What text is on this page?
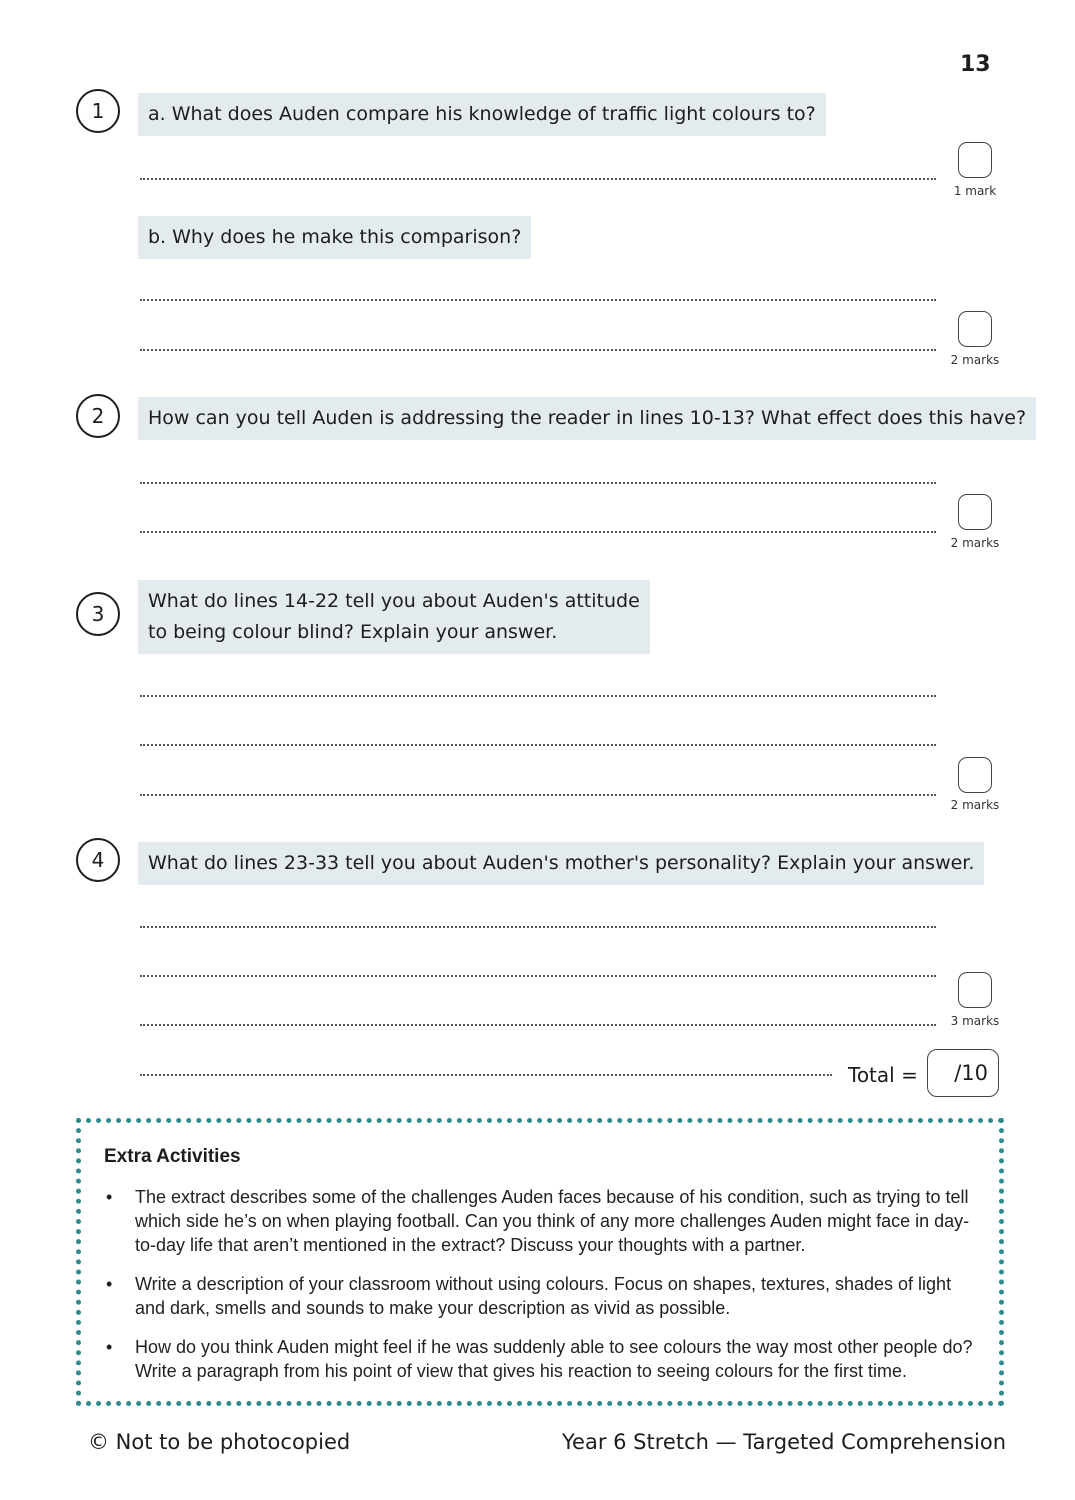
13
1	a. What does Auden compare his knowledge of traffic light colours to?
1 mark
b. Why does he make this comparison?
2 marks
2	How can you tell Auden is addressing the reader in lines 10-13? What effect does this have?
2 marks
3
What do lines 14-22 tell you about Auden's attitude
to being colour blind? Explain your answer.
2 marks
4	What do lines 23-33 tell you about Auden's mother's personality? Explain your answer.
3 marks
Total = /10
Extra Activities
•	The extract describes some of the challenges Auden faces because of his condition, such as trying to tell which side he’s on when playing football. Can you think of any more challenges Auden might face in day-to-day life that aren’t mentioned in the extract? Discuss your thoughts with a partner.
•	Write a description of your classroom without using colours. Focus on shapes, textures, shades of light and dark, smells and sounds to make your description as vivid as possible.
•	How do you think Auden might feel if he was suddenly able to see colours the way most other people do? Write a paragraph from his point of view that gives his reaction to seeing colours for the first time.
© Not to be photocopied	Year 6 Stretch — Targeted Comprehension
